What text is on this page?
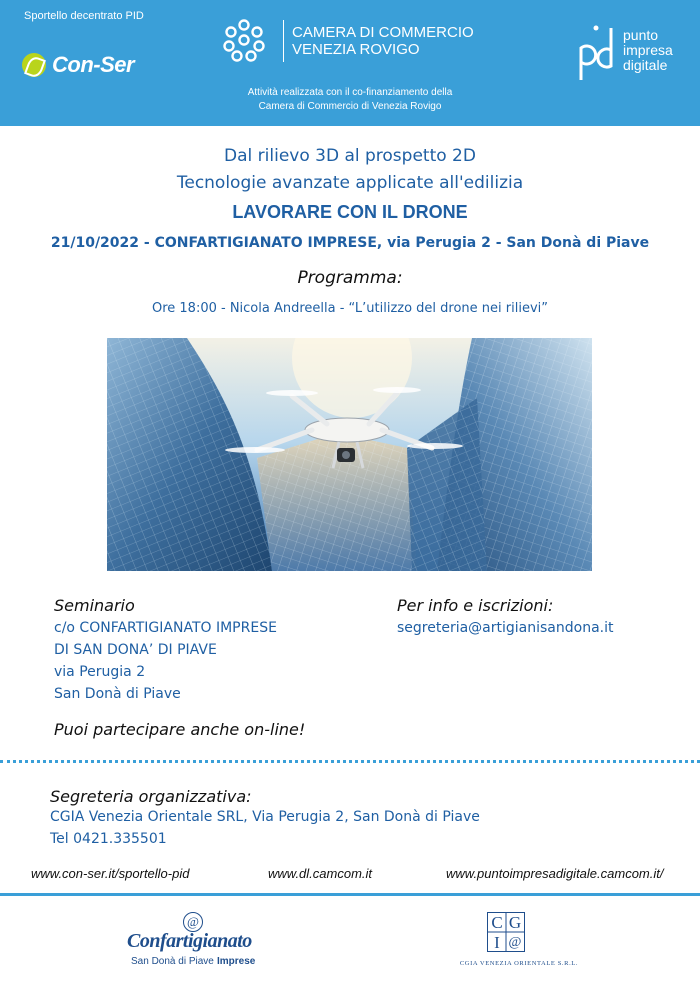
Sportello decentrato PID
Con-Ser
CAMERA DI COMMERCIO
VENEZIA ROVIGO
Attività realizzata con il co-finanziamento della
Camera di Commercio di Venezia Rovigo
punto
impresa
digitale
Dal rilievo 3D al prospetto 2D
Tecnologie avanzate applicate all'edilizia
LAVORARE CON IL DRONE
21/10/2022 - CONFARTIGIANATO IMPRESE, via Perugia 2 - San Donà di Piave
Programma:
Ore 18:00 - Nicola Andreella - “L’utilizzo del drone nei rilievi”
Seminario
c/o CONFARTIGIANATO IMPRESE
DI SAN DONA’ DI PIAVE
via Perugia 2
San Donà di Piave
Per info e iscrizioni:
segreteria@artigianisandona.it
Puoi partecipare anche on-line!
Segreteria organizzativa:
CGIA Venezia Orientale SRL, Via Perugia 2, San Donà di Piave
Tel 0421.335501
www.con-ser.it/sportello-pid	www.dl.camcom.it	www.puntoimpresadigitale.camcom.it/
@
Confartigianato
San Donà di Piave Imprese
C G
I @
CGIA VENEZIA ORIENTALE S.R.L.
